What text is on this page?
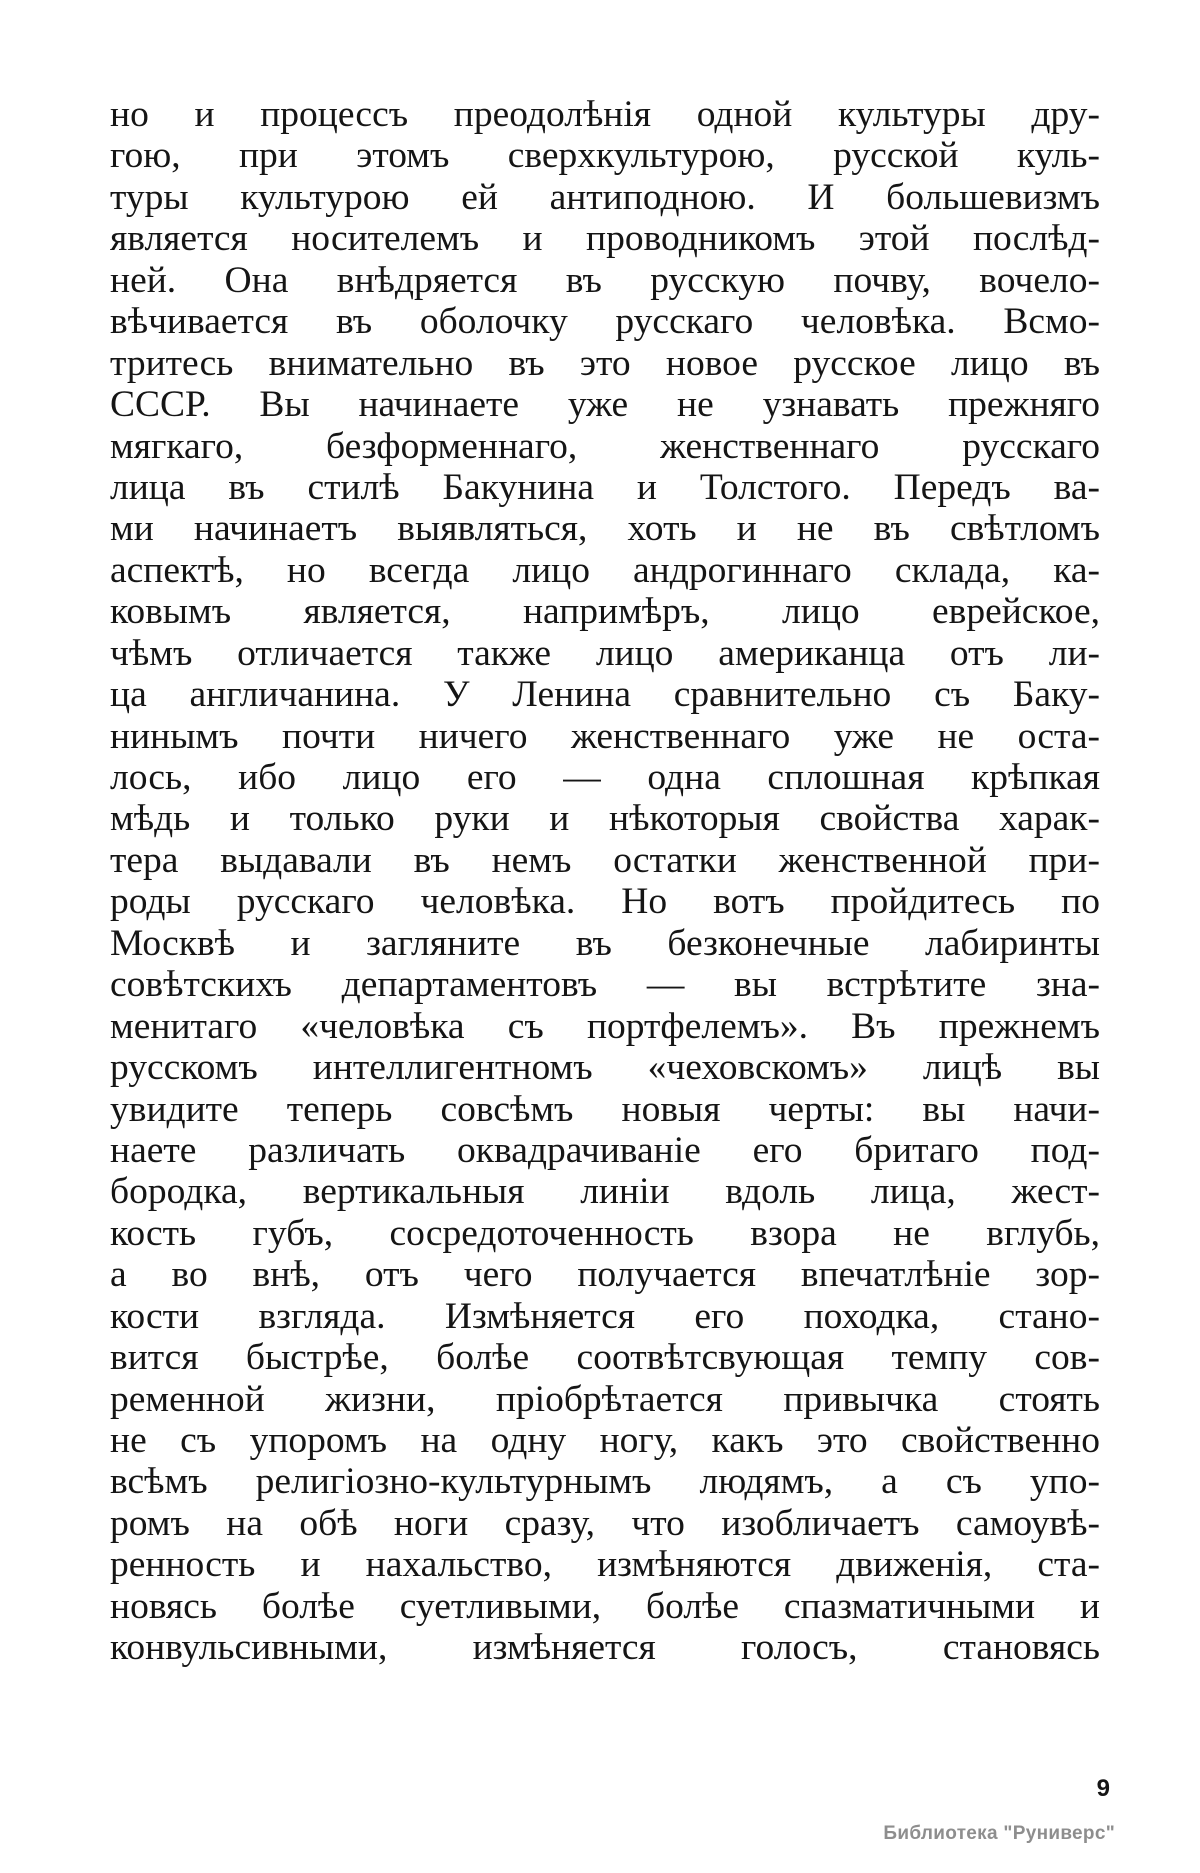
но и процессъ преодолѣнія одной культуры дру-
гою, при этомъ сверхкультурою, русской куль-
туры культурою ей антиподною. И большевизмъ
является носителемъ и проводникомъ этой послѣд-
ней. Она внѣдряется въ русскую почву, вочело-
вѣчивается въ оболочку русскаго человѣка. Всмо-
тритесь внимательно въ это новое русское лицо въ
СССР. Вы начинаете уже не узнавать прежняго
мягкаго, безформеннаго, женственнаго русскаго
лица въ стилѣ Бакунина и Толстого. Передъ ва-
ми начинаетъ выявляться, хоть и не въ свѣтломъ
аспектѣ, но всегда лицо андрогиннаго склада, ка-
ковымъ является, напримѣръ, лицо еврейское,
чѣмъ отличается также лицо американца отъ ли-
ца англичанина. У Ленина сравнительно съ Баку-
нинымъ почти ничего женственнаго уже не оста-
лось, ибо лицо его — одна сплошная крѣпкая
мѣдь и только руки и нѣкоторыя свойства харак-
тера выдавали въ немъ остатки женственной при-
роды русскаго человѣка. Но вотъ пройдитесь по
Москвѣ и загляните въ безконечные лабиринты
совѣтскихъ департаментовъ — вы встрѣтите зна-
менитаго «человѣка съ портфелемъ». Въ прежнемъ
русскомъ интеллигентномъ «чеховскомъ» лицѣ вы
увидите теперь совсѣмъ новыя черты: вы начи-
наете различать оквадрачиваніе его бритаго под-
бородка, вертикальныя линіи вдоль лица, жест-
кость губъ, сосредоточенность взора не вглубь,
а во внѣ, отъ чего получается впечатлѣніе зор-
кости взгляда. Измѣняется его походка, стано-
вится быстрѣе, болѣе соотвѣтсвующая темпу сов-
ременной жизни, пріобрѣтается привычка стоять
не съ упоромъ на одну ногу, какъ это свойственно
всѣмъ религіозно-культурнымъ людямъ, а съ упо-
ромъ на обѣ ноги сразу, что изобличаетъ самоувѣ-
ренность и нахальство, измѣняются движенія, ста-
новясь болѣе суетливыми, болѣе спазматичными и
конвульсивными, измѣняется голосъ, становясь
9
Библиотека "Руниверс"
